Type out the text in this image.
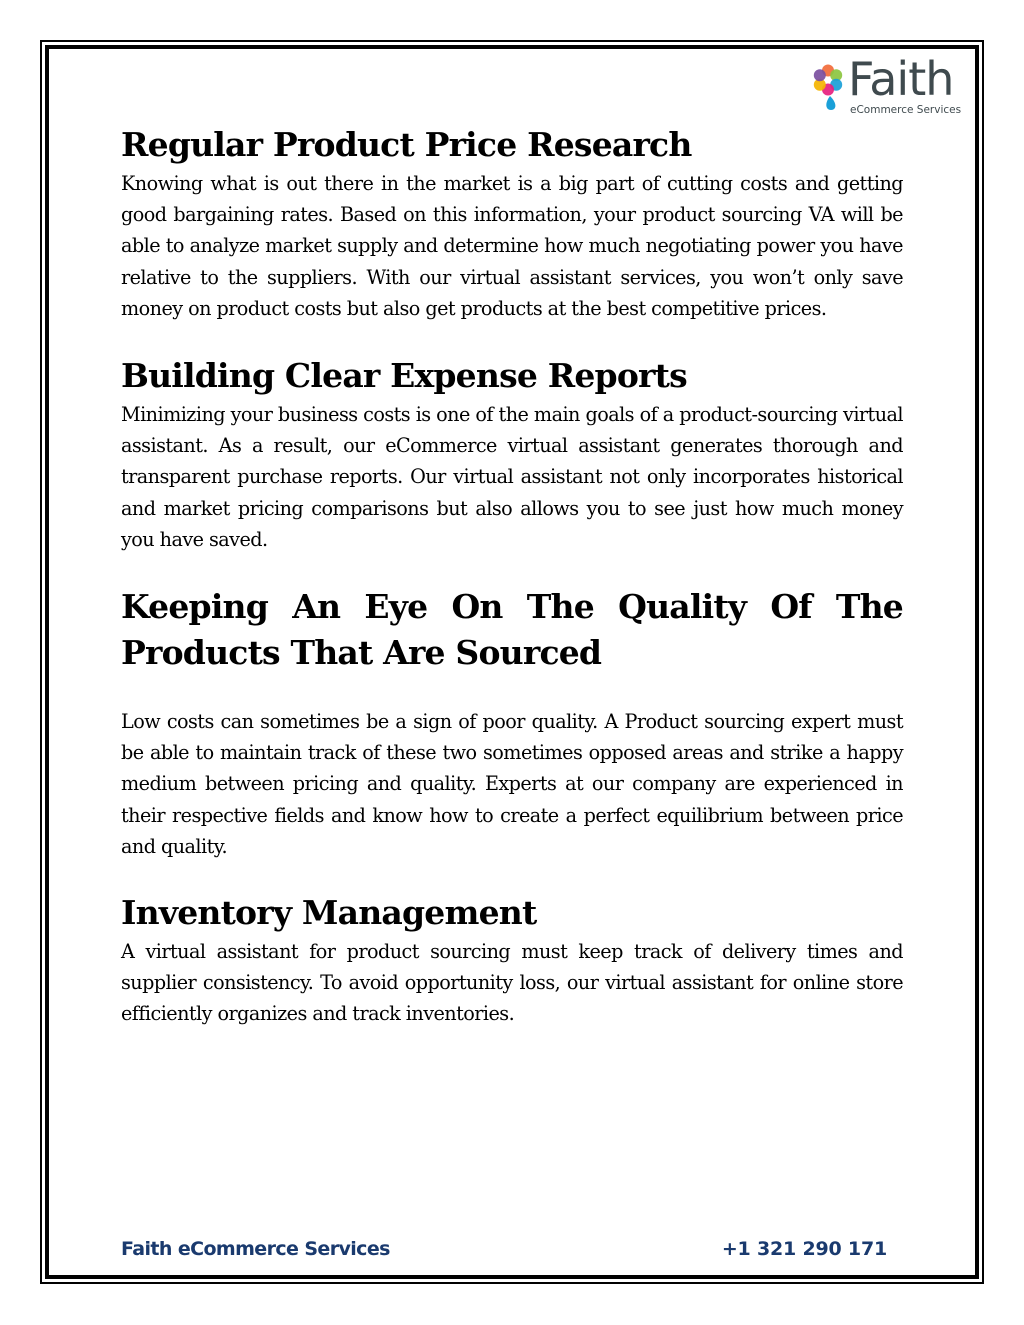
Faith
eCommerce Services
Regular Product Price Research

Knowing what is out there in the market is a big part of cutting costs and getting good bargaining rates. Based on this information, your product sourcing VA will be able to analyze market supply and determine how much negotiating power you have relative to the suppliers. With our virtual assistant services, you won’t only save money on product costs but also get products at the best competitive prices.

Building Clear Expense Reports

Minimizing your business costs is one of the main goals of a product-sourcing virtual assistant. As a result, our eCommerce virtual assistant generates thorough and transparent purchase reports. Our virtual assistant not only incorporates historical and market pricing comparisons but also allows you to see just how much money you have saved.

Keeping An Eye On The Quality Of The Products That Are Sourced

Low costs can sometimes be a sign of poor quality. A Product sourcing expert must be able to maintain track of these two sometimes opposed areas and strike a happy medium between pricing and quality. Experts at our company are experienced in their respective fields and know how to create a perfect equilibrium between price and quality.

Inventory Management

A virtual assistant for product sourcing must keep track of delivery times and supplier consistency. To avoid opportunity loss, our virtual assistant for online store efficiently organizes and track inventories.

Faith eCommerce Services	+1 321 290 171
